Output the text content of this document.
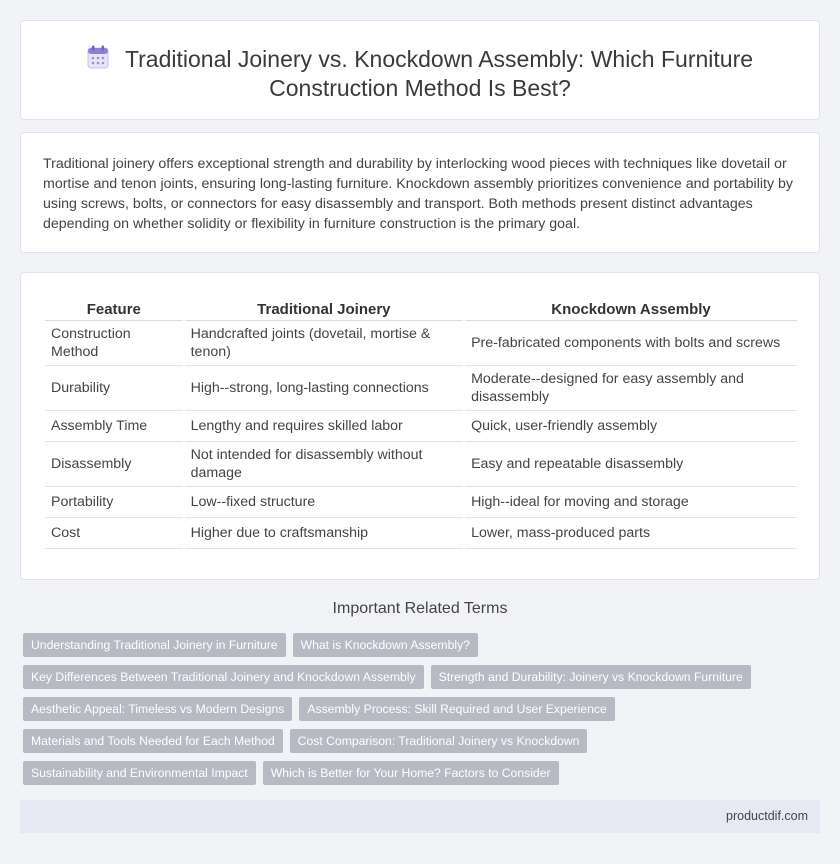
Traditional Joinery vs. Knockdown Assembly: Which Furniture Construction Method Is Best?

Traditional joinery offers exceptional strength and durability by interlocking wood pieces with techniques like dovetail or mortise and tenon joints, ensuring long-lasting furniture. Knockdown assembly prioritizes convenience and portability by using screws, bolts, or connectors for easy disassembly and transport. Both methods present distinct advantages depending on whether solidity or flexibility in furniture construction is the primary goal.

Feature	Traditional Joinery	Knockdown Assembly
Construction Method	Handcrafted joints (dovetail, mortise & tenon)	Pre-fabricated components with bolts and screws
Durability	High--strong, long-lasting connections	Moderate--designed for easy assembly and disassembly
Assembly Time	Lengthy and requires skilled labor	Quick, user-friendly assembly
Disassembly	Not intended for disassembly without damage	Easy and repeatable disassembly
Portability	Low--fixed structure	High--ideal for moving and storage
Cost	Higher due to craftsmanship	Lower, mass-produced parts
Important Related Terms
Understanding Traditional Joinery in Furniture	What is Knockdown Assembly?
Key Differences Between Traditional Joinery and Knockdown Assembly	Strength and Durability: Joinery vs Knockdown Furniture
Aesthetic Appeal: Timeless vs Modern Designs	Assembly Process: Skill Required and User Experience
Materials and Tools Needed for Each Method	Cost Comparison: Traditional Joinery vs Knockdown
Sustainability and Environmental Impact	Which is Better for Your Home? Factors to Consider
productdif.com
